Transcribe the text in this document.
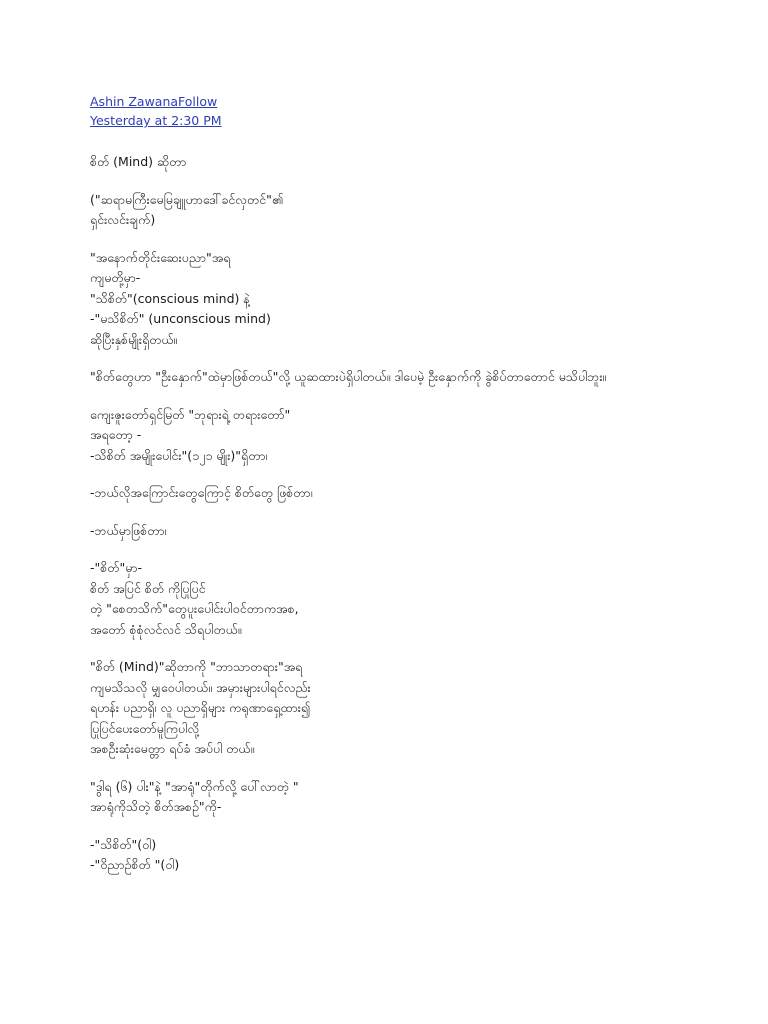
Ashin ZawanaFollow
Yesterday at 2:30 PM

စိတ် (Mind) ဆိုတာ

("ဆရာမကြီးမေမြချူဟာဒေါ်ခင်လှတင်"၏
ရှင်းလင်းချက်)

"အနောက်တိုင်းဆေးပညာ"အရ
ကျမတို့မှာ-
"သိစိတ်"(conscious mind) နဲ့
-"မသိစိတ်" (unconscious mind)
ဆိုပြီးနှစ်မျိုးရှိတယ်။

"စိတ်တွေဟာ "ဦးနှောက်"ထဲမှာဖြစ်တယ်"လို့ ယူဆထားပဲရှိပါတယ်။ ဒါပေမဲ့ ဦးနှောက်ကို ခွဲစိပ်တာတောင် မသိပါဘူး။

ကျေးဇူးတော်ရှင်မြတ် "ဘုရားရဲ့ တရားတော်"
အရတော့ -
-သိစိတ် အမျိုးပေါင်း"(၁၂၁ မျိုး)"ရှိတာ၊

-ဘယ်လိုအကြောင်းတွေကြောင့် စိတ်တွေ ဖြစ်တာ၊

-ဘယ်မှာဖြစ်တာ၊

-"စိတ်"မှာ-
စိတ် အပြင် စိတ် ကိုပြုပြင်
တဲ့ "စေတသိက်"တွေပူးပေါင်းပါဝင်တာကအစ,
အတော် စုံစုံလင်လင် သိရပါတယ်။

"စိတ် (Mind)"ဆိုတာကို "ဘာသာတရား"အရ
ကျမသိသလို မျှဝေပါတယ်။ အမှားများပါရင်လည်း
ရဟန်း ပညာရှိ၊ လူ ပညာရှိများ ကရုဏာရှေ့ထား၍
ပြုပြင်ပေးတော်မူကြပါလို့
အစဦးဆုံးမေတ္တာ ရပ်ခံ အပ်ပါ တယ်။

"ဒွါရ (၆) ပါး"နဲ့ "အာရုံ"တိုက်လို့ ပေါ်လာတဲ့ "
အာရုံကိုသိတဲ့ စိတ်အစဉ်"ကို-

-"သိစိတ်"(ဝါ)
-"ဝိညာဉ်စိတ် "(ဝါ)
